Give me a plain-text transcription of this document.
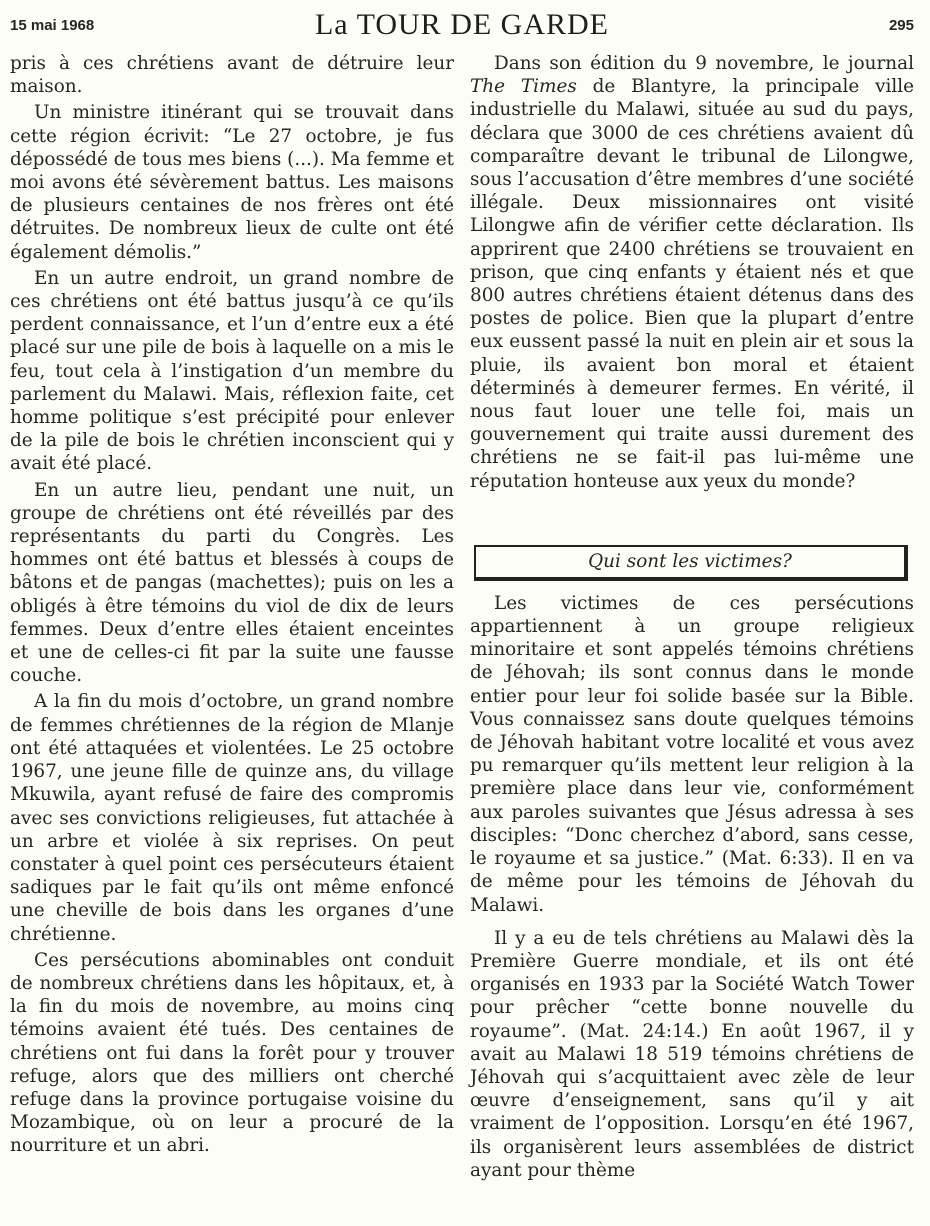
15 mai 1968	La TOUR DE GARDE	295

pris à ces chrétiens avant de détruire leur maison.

Un ministre itinérant qui se trouvait dans cette région écrivit: “Le 27 octobre, je fus dépossédé de tous mes biens (...). Ma femme et moi avons été sévèrement battus. Les maisons de plusieurs centaines de nos frères ont été détruites. De nombreux lieux de culte ont été également démolis.”

En un autre endroit, un grand nombre de ces chrétiens ont été battus jusqu’à ce qu’ils perdent connaissance, et l’un d’entre eux a été placé sur une pile de bois à laquelle on a mis le feu, tout cela à l’instigation d’un membre du parlement du Malawi. Mais, réflexion faite, cet homme politique s’est précipité pour enlever de la pile de bois le chrétien inconscient qui y avait été placé.

En un autre lieu, pendant une nuit, un groupe de chrétiens ont été réveillés par des représentants du parti du Congrès. Les hommes ont été battus et blessés à coups de bâtons et de pangas (machettes); puis on les a obligés à être témoins du viol de dix de leurs femmes. Deux d’entre elles étaient enceintes et une de celles-ci fit par la suite une fausse couche.

A la fin du mois d’octobre, un grand nombre de femmes chrétiennes de la région de Mlanje ont été attaquées et violentées. Le 25 octobre 1967, une jeune fille de quinze ans, du village Mkuwila, ayant refusé de faire des compromis avec ses convictions religieuses, fut attachée à un arbre et violée à six reprises. On peut constater à quel point ces persécuteurs étaient sadiques par le fait qu’ils ont même enfoncé une cheville de bois dans les organes d’une chrétienne.

Ces persécutions abominables ont conduit de nombreux chrétiens dans les hôpitaux, et, à la fin du mois de novembre, au moins cinq témoins avaient été tués. Des centaines de chrétiens ont fui dans la forêt pour y trouver refuge, alors que des milliers ont cherché refuge dans la province portugaise voisine du Mozambique, où on leur a procuré de la nourriture et un abri.

Dans son édition du 9 novembre, le journal The Times de Blantyre, la principale ville industrielle du Malawi, située au sud du pays, déclara que 3000 de ces chrétiens avaient dû comparaître devant le tribunal de Lilongwe, sous l’accusation d’être membres d’une société illégale. Deux missionnaires ont visité Lilongwe afin de vérifier cette déclaration. Ils apprirent que 2400 chrétiens se trouvaient en prison, que cinq enfants y étaient nés et que 800 autres chrétiens étaient détenus dans des postes de police. Bien que la plupart d’entre eux eussent passé la nuit en plein air et sous la pluie, ils avaient bon moral et étaient déterminés à demeurer fermes. En vérité, il nous faut louer une telle foi, mais un gouvernement qui traite aussi durement des chrétiens ne se fait-il pas lui-même une réputation honteuse aux yeux du monde?

Qui sont les victimes?

Les victimes de ces persécutions appartiennent à un groupe religieux minoritaire et sont appelés témoins chrétiens de Jéhovah; ils sont connus dans le monde entier pour leur foi solide basée sur la Bible. Vous connaissez sans doute quelques témoins de Jéhovah habitant votre localité et vous avez pu remarquer qu’ils mettent leur religion à la première place dans leur vie, conformément aux paroles suivantes que Jésus adressa à ses disciples: “Donc cherchez d’abord, sans cesse, le royaume et sa justice.” (Mat. 6:33). Il en va de même pour les témoins de Jéhovah du Malawi.

Il y a eu de tels chrétiens au Malawi dès la Première Guerre mondiale, et ils ont été organisés en 1933 par la Société Watch Tower pour prêcher “cette bonne nouvelle du royaume”. (Mat. 24:14.) En août 1967, il y avait au Malawi 18 519 témoins chrétiens de Jéhovah qui s’acquittaient avec zèle de leur œuvre d’enseignement, sans qu’il y ait vraiment de l’opposition. Lorsqu’en été 1967, ils organisèrent leurs assemblées de district ayant pour thème
